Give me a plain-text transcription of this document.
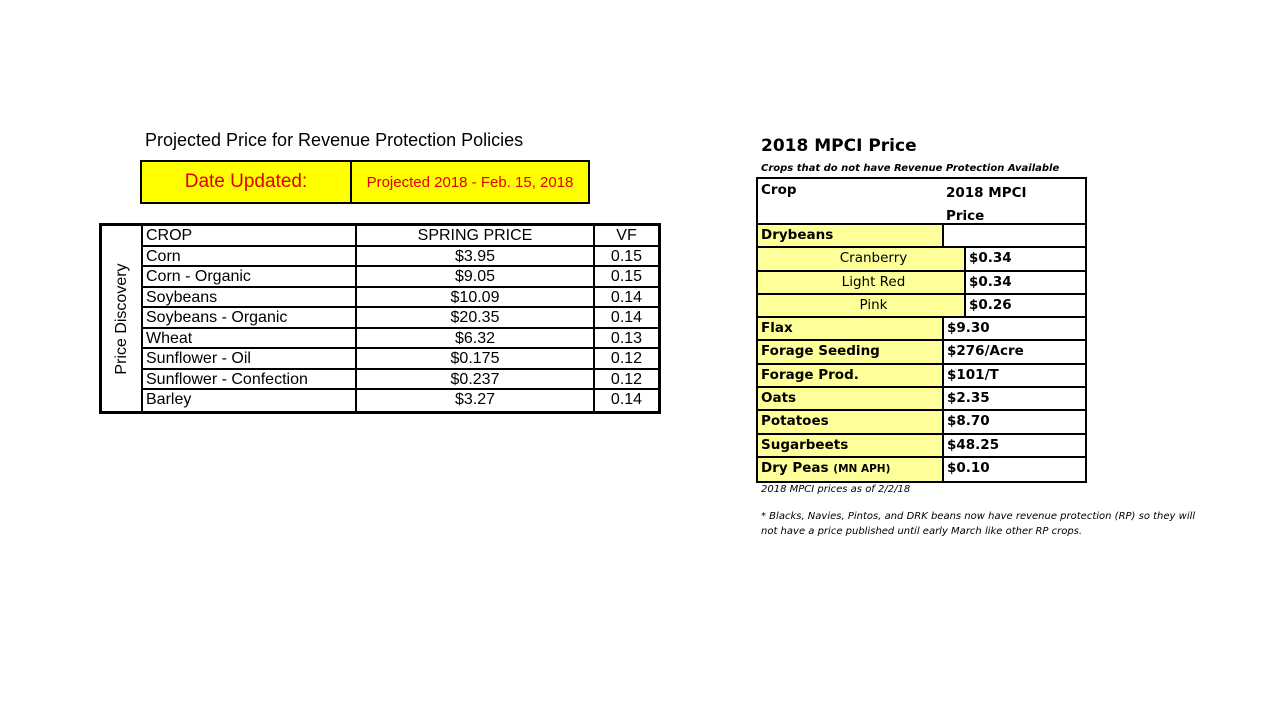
Projected Price for Revenue Protection Policies
Date Updated:	Projected 2018 - Feb. 15, 2018
Price Discovery
CROP	SPRING PRICE	VF
Corn	$3.95	0.15
Corn - Organic	$9.05	0.15
Soybeans	$10.09	0.14
Soybeans - Organic	$20.35	0.14
Wheat	$6.32	0.13
Sunflower - Oil	$0.175	0.12
Sunflower - Confection	$0.237	0.12
Barley	$3.27	0.14
2018 MPCI Price
Crops that do not have Revenue Protection Available
Crop	2018 MPCI
Price
Drybeans
Cranberry	$0.34
Light Red	$0.34
Pink	$0.26
Flax	$9.30
Forage Seeding	$276/Acre
Forage Prod.	$101/T
Oats	$2.35
Potatoes	$8.70
Sugarbeets	$48.25
Dry Peas (MN APH)	$0.10
2018 MPCI prices as of 2/2/18
* Blacks, Navies, Pintos, and DRK beans now have revenue protection (RP) so they will not have a price published until early March like other RP crops.
